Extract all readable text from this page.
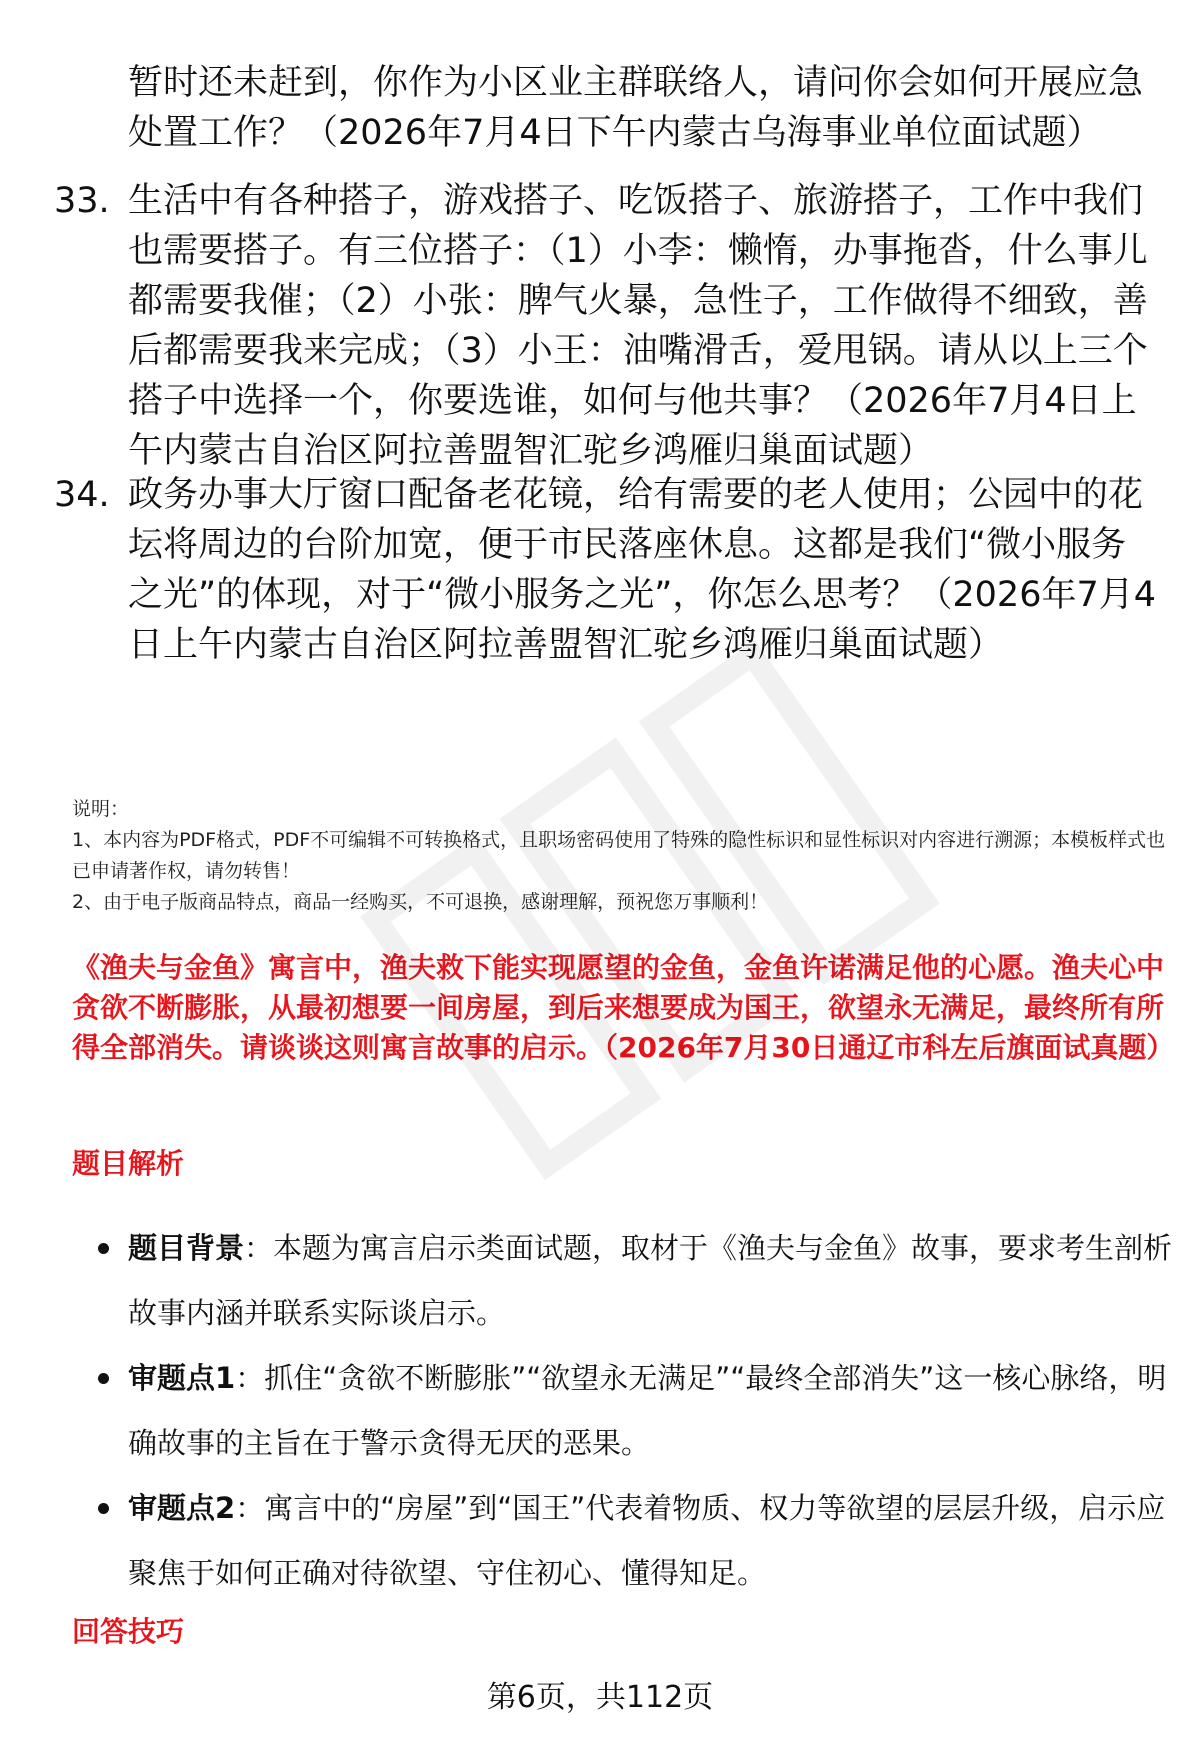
暂时还未赶到，你作为小区业主群联络人，请问你会如何开展应急处置工作？（2026年7月4日下午内蒙古乌海事业单位面试题）
33. 生活中有各种搭子，游戏搭子、吃饭搭子、旅游搭子，工作中我们也需要搭子。有三位搭子：（1）小李：懒惰，办事拖沓，什么事儿都需要我催；（2）小张：脾气火暴，急性子，工作做得不细致，善后都需要我来完成；（3）小王：油嘴滑舌，爱甩锅。请从以上三个搭子中选择一个，你要选谁，如何与他共事？（2026年7月4日上午内蒙古自治区阿拉善盟智汇驼乡鸿雁归巢面试题）
34. 政务办事大厅窗口配备老花镜，给有需要的老人使用；公园中的花坛将周边的台阶加宽，便于市民落座休息。这都是我们“微小服务之光”的体现，对于“微小服务之光”，你怎么思考？（2026年7月4日上午内蒙古自治区阿拉善盟智汇驼乡鸿雁归巢面试题）

说明：

1、本内容为PDF格式，PDF不可编辑不可转换格式，且职场密码使用了特殊的隐性标识和显性标识对内容进行溯源；本模板样式也已申请著作权，请勿转售！

2、由于电子版商品特点，商品一经购买，不可退换，感谢理解，预祝您万事顺利！

《渔夫与金鱼》寓言中，渔夫救下能实现愿望的金鱼，金鱼许诺满足他的心愿。渔夫心中贪欲不断膨胀，从最初想要一间房屋，到后来想要成为国王，欲望永无满足，最终所有所得全部消失。请谈谈这则寓言故事的启示。（2026年7月30日通辽市科左后旗面试真题）
题目解析
题目背景：本题为寓言启示类面试题，取材于《渔夫与金鱼》故事，要求考生剖析故事内涵并联系实际谈启示。
审题点1：抓住“贪欲不断膨胀”“欲望永无满足”“最终全部消失”这一核心脉络，明确故事的主旨在于警示贪得无厌的恶果。
审题点2：寓言中的“房屋”到“国王”代表着物质、权力等欲望的层层升级，启示应聚焦于如何正确对待欲望、守住初心、懂得知足。
回答技巧
第6页，共112页
